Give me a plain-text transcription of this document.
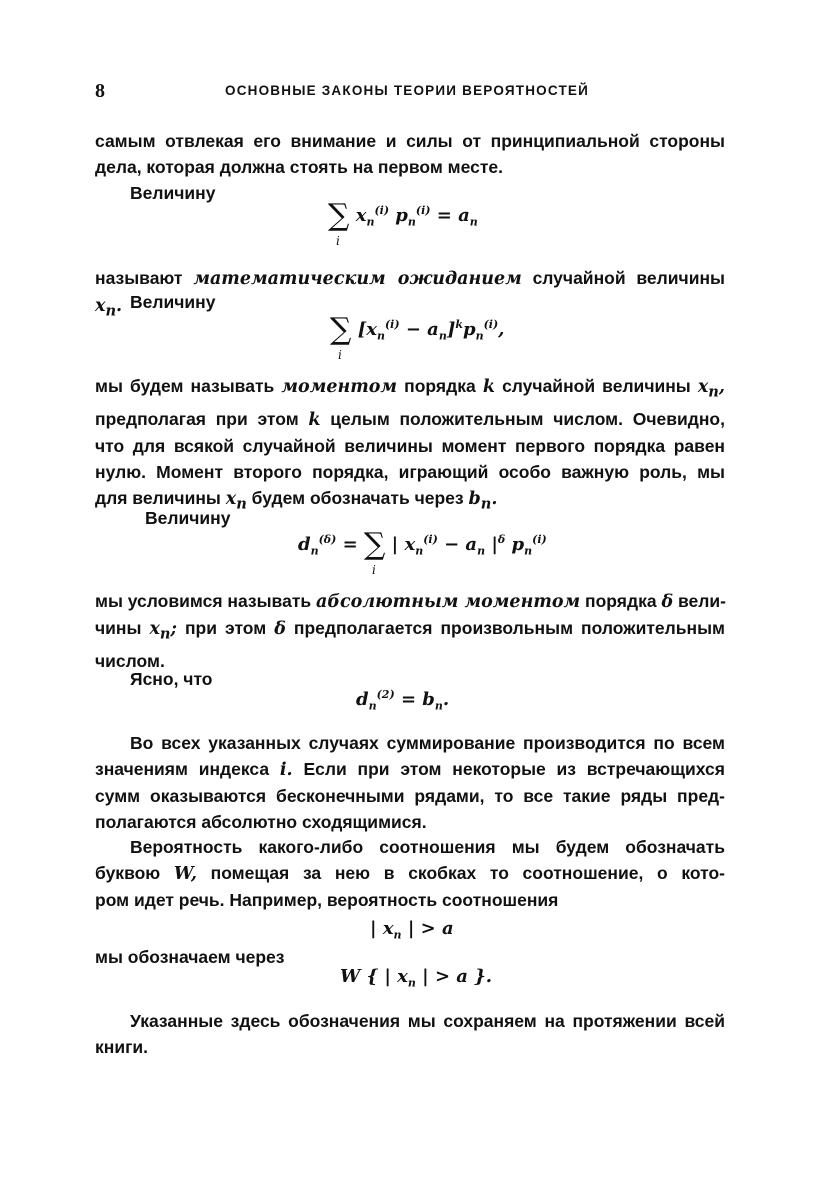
8	ОСНОВНЫЕ ЗАКОНЫ ТЕОРИИ ВЕРОЯТНОСТЕЙ

самым отвлекая его внимание и силы от принципиальной стороны
дела, которая должна стоять на первом месте.

Величину

∑
i
$x_n^{(i)}$ $p_n^{(i)} = a_n$

называют математическим ожиданием случайной величины $x_n$. Величину

∑
i
$[x_n^{(i)} - a_n]^kp_n^{(i)}$,

мы будем называть моментом порядка k случайной величины $x_n$,
предполагая при этом k целым положительным числом. Очевидно,
что для всякой случайной величины момент первого порядка равен
нулю. Момент второго порядка, играющий особо важную роль, мы
для величины $x_n$ будем обозначать через $b_n$.

Величину

$d_n^{(\delta)}$ = ∑
i
| $x_n^{(i)} - a_n$ $|^\delta$ $p_n^{(i)}$

мы условимся называть абсолютным моментом порядка δ вели-
чины $x_n$; при этом δ предполагается произвольным положительным
числом.

Ясно, что

$d_n^{(2)} = b_n$.

Во всех указанных случаях суммирование производится по всем
значениям индекса i. Если при этом некоторые из встречающихся
сумм оказываются бесконечными рядами, то все такие ряды пред-
полагаются абсолютно сходящимися.

Вероятность какого-либо соотношения мы будем обозначать
буквою W, помещая за нею в скобках то соотношение, о кото-
ром идет речь. Например, вероятность соотношения

| $x_n$ | > a

мы обозначаем через

W { | $x_n$ | > a }.

Указанные здесь обозначения мы сохраняем на протяжении всей
книги.
